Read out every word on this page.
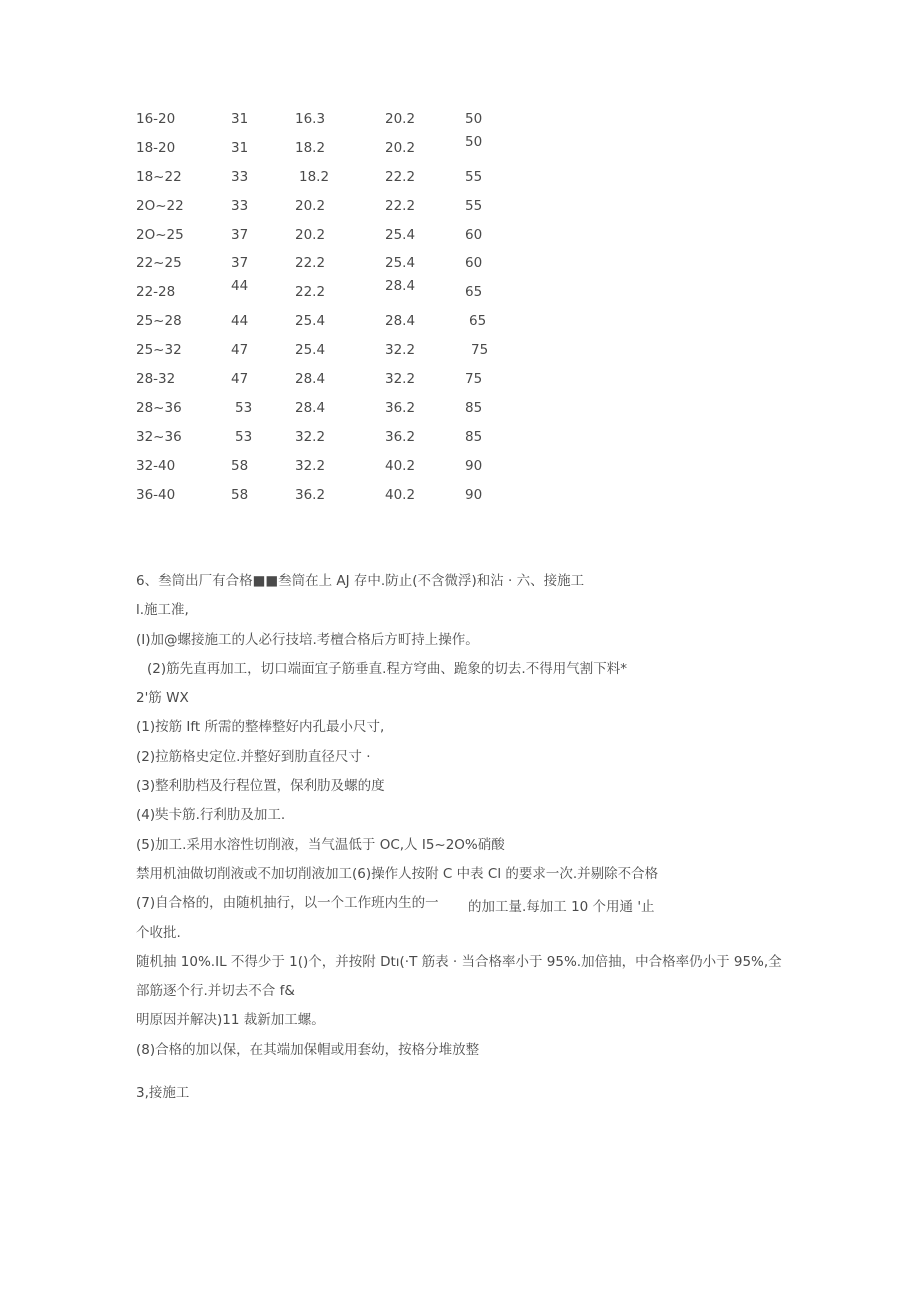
16-20	31	16.3	20.2	50
18-20	31	18.2	20.2	50
18~22	33	18.2	22.2	55
2O~22	33	20.2	22.2	55
2O~25	37	20.2	25.4	60
22~25	37	22.2	25.4	60
22-28	44	22.2	28.4	65
25~28	44	25.4	28.4	65
25~32	47	25.4	32.2	75
28-32	47	28.4	32.2	75
28~36	53	28.4	36.2	85
32~36	53	32.2	36.2	85
32-40	58	32.2	40.2	90
36-40	58	36.2	40.2	90
6、叁筒出厂有合格■■叁筒在上 AJ 存中.防止(不含微浮)和沾 · 六、接施工
l.施工准,
(I)加@螺接施工的人必行技培.考檀合格后方町持上操作。
(2)筋先直再加工，切口端面宜子筋垂直.程方穹曲、跪象的切去.不得用气割下料*
2'筋 WX
(1)按筋 Ift 所需的整棒整好内孔最小尺寸,
(2)拉筋格史定位.并整好到肋直径尺寸 ·
(3)整利肋档及行程位置，保利肋及螺的度
(4)奘卡筋.行利肋及加工.
(5)加工.采用水溶性切削液，当气温低于 OC,人 I5~2O%硝酸
禁用机油做切削液或不加切削液加工(6)操作人按附 C 中表 Cl 的要求一次.并剔除不合格
(7)自合格的，由随机抽行，以一个工作班内生的一 的加工量.每加工 10 个用通 '止
个收批.
随机抽 10%.IL 不得少于 1()个，并按附 Dtı(·T 筋表 · 当合格率小于 95%.加倍抽，中合格率仍小于 95%,全
部筋逐个行.并切去不合 f&
明原因并解决)11 裁新加工螺。
(8)合格的加以保，在其端加保帽或用套幼，按格分堆放整
3,接施工
